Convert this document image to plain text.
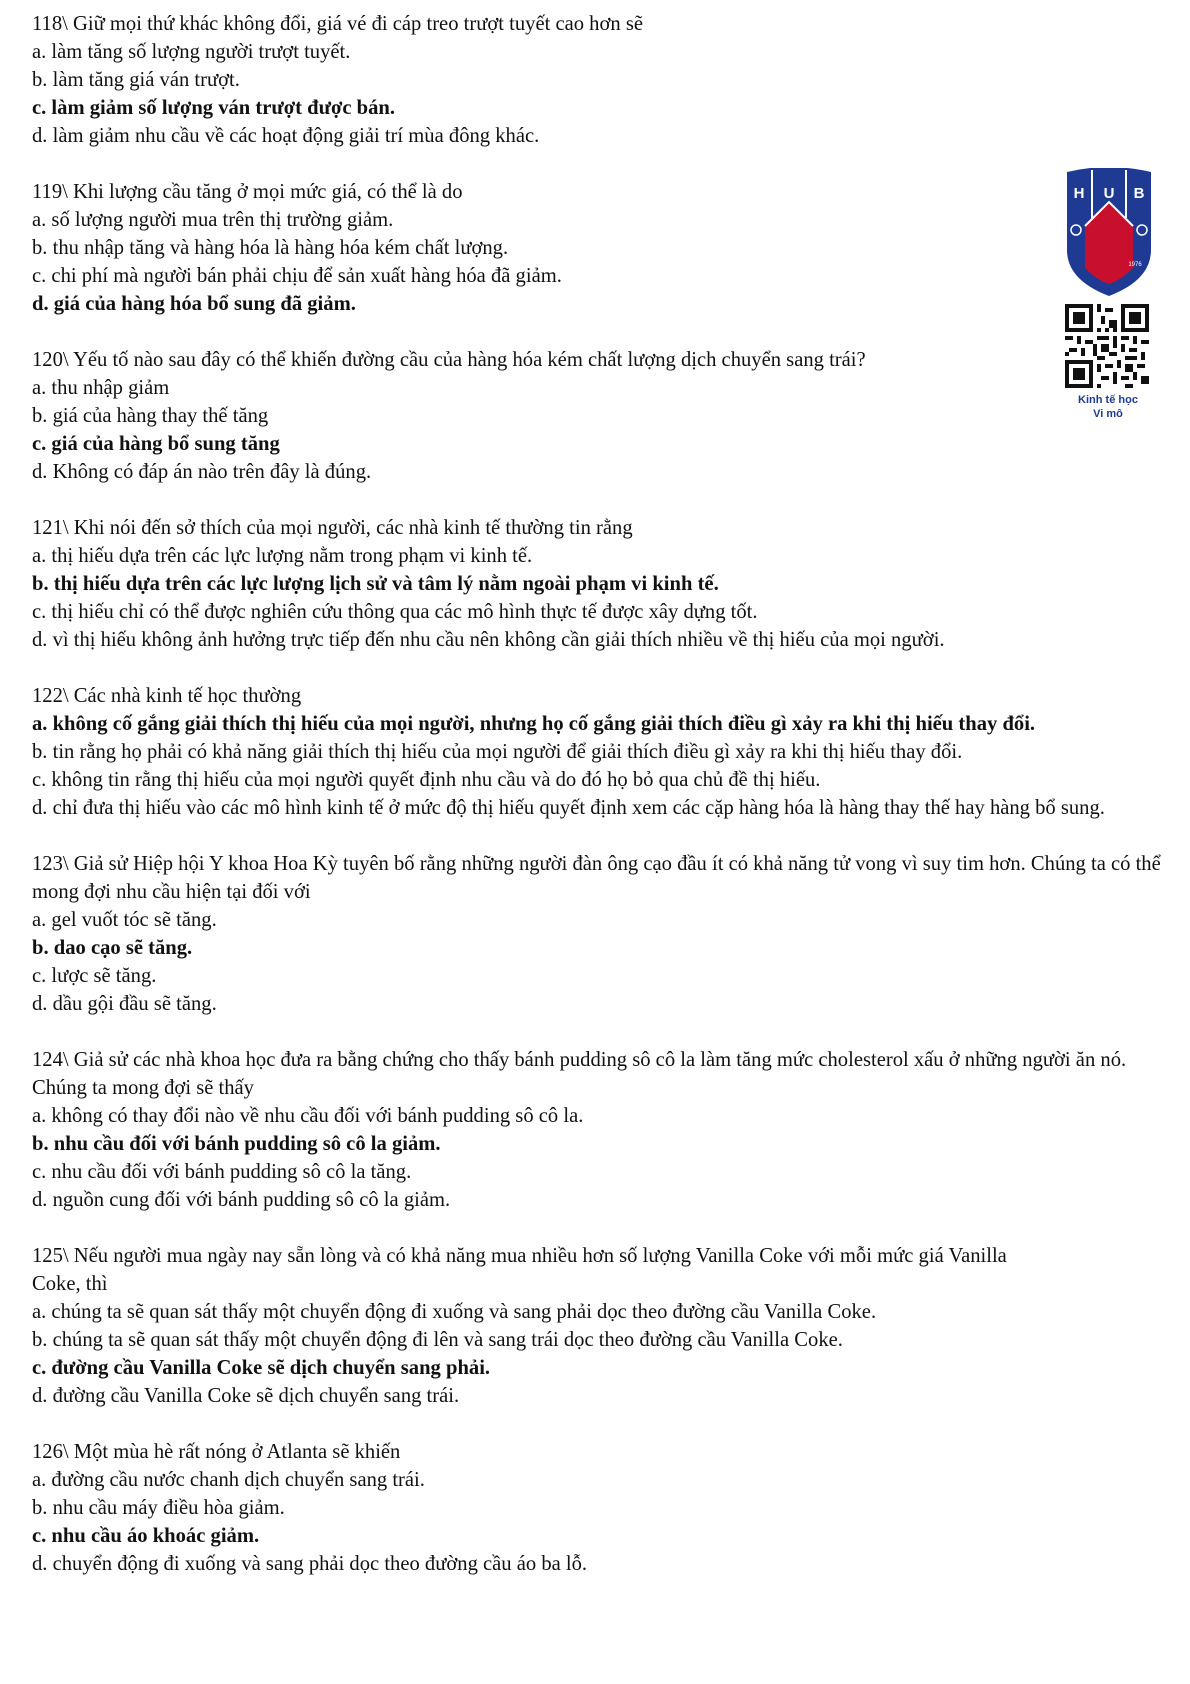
118\ Giữ mọi thứ khác không đổi, giá vé đi cáp treo trượt tuyết cao hơn sẽ
a. làm tăng số lượng người trượt tuyết.
b. làm tăng giá ván trượt.
c. làm giảm số lượng ván trượt được bán.
d. làm giảm nhu cầu về các hoạt động giải trí mùa đông khác.
119\ Khi lượng cầu tăng ở mọi mức giá, có thể là do
a. số lượng người mua trên thị trường giảm.
b. thu nhập tăng và hàng hóa là hàng hóa kém chất lượng.
c. chi phí mà người bán phải chịu để sản xuất hàng hóa đã giảm.
d. giá của hàng hóa bổ sung đã giảm.
120\ Yếu tố nào sau đây có thể khiến đường cầu của hàng hóa kém chất lượng dịch chuyển sang trái?
a. thu nhập giảm
b. giá của hàng thay thế tăng
c. giá của hàng bổ sung tăng
d. Không có đáp án nào trên đây là đúng.
121\ Khi nói đến sở thích của mọi người, các nhà kinh tế thường tin rằng
a. thị hiếu dựa trên các lực lượng nằm trong phạm vi kinh tế.
b. thị hiếu dựa trên các lực lượng lịch sử và tâm lý nằm ngoài phạm vi kinh tế.
c. thị hiếu chỉ có thể được nghiên cứu thông qua các mô hình thực tế được xây dựng tốt.
d. vì thị hiếu không ảnh hưởng trực tiếp đến nhu cầu nên không cần giải thích nhiều về thị hiếu của mọi người.
122\ Các nhà kinh tế học thường
a. không cố gắng giải thích thị hiếu của mọi người, nhưng họ cố gắng giải thích điều gì xảy ra khi thị hiếu thay đổi.
b. tin rằng họ phải có khả năng giải thích thị hiếu của mọi người để giải thích điều gì xảy ra khi thị hiếu thay đổi.
c. không tin rằng thị hiếu của mọi người quyết định nhu cầu và do đó họ bỏ qua chủ đề thị hiếu.
d. chỉ đưa thị hiếu vào các mô hình kinh tế ở mức độ thị hiếu quyết định xem các cặp hàng hóa là hàng thay thế hay hàng bổ sung.
123\ Giả sử Hiệp hội Y khoa Hoa Kỳ tuyên bố rằng những người đàn ông cạo đầu ít có khả năng tử vong vì suy tim hơn. Chúng ta có thể mong đợi nhu cầu hiện tại đối với
a. gel vuốt tóc sẽ tăng.
b. dao cạo sẽ tăng.
c. lược sẽ tăng.
d. dầu gội đầu sẽ tăng.
124\ Giả sử các nhà khoa học đưa ra bằng chứng cho thấy bánh pudding sô cô la làm tăng mức cholesterol xấu ở những người ăn nó. Chúng ta mong đợi sẽ thấy
a. không có thay đổi nào về nhu cầu đối với bánh pudding sô cô la.
b. nhu cầu đối với bánh pudding sô cô la giảm.
c. nhu cầu đối với bánh pudding sô cô la tăng.
d. nguồn cung đối với bánh pudding sô cô la giảm.
125\ Nếu người mua ngày nay sẵn lòng và có khả năng mua nhiều hơn số lượng Vanilla Coke với mỗi mức giá Vanilla Coke, thì
a. chúng ta sẽ quan sát thấy một chuyển động đi xuống và sang phải dọc theo đường cầu Vanilla Coke.
b. chúng ta sẽ quan sát thấy một chuyển động đi lên và sang trái dọc theo đường cầu Vanilla Coke.
c. đường cầu Vanilla Coke sẽ dịch chuyển sang phải.
d. đường cầu Vanilla Coke sẽ dịch chuyển sang trái.
126\ Một mùa hè rất nóng ở Atlanta sẽ khiến
a. đường cầu nước chanh dịch chuyển sang trái.
b. nhu cầu máy điều hòa giảm.
c. nhu cầu áo khoác giảm.
d. chuyển động đi xuống và sang phải dọc theo đường cầu áo ba lỗ.
H U B
1976
Kinh tế học
Vi mô
